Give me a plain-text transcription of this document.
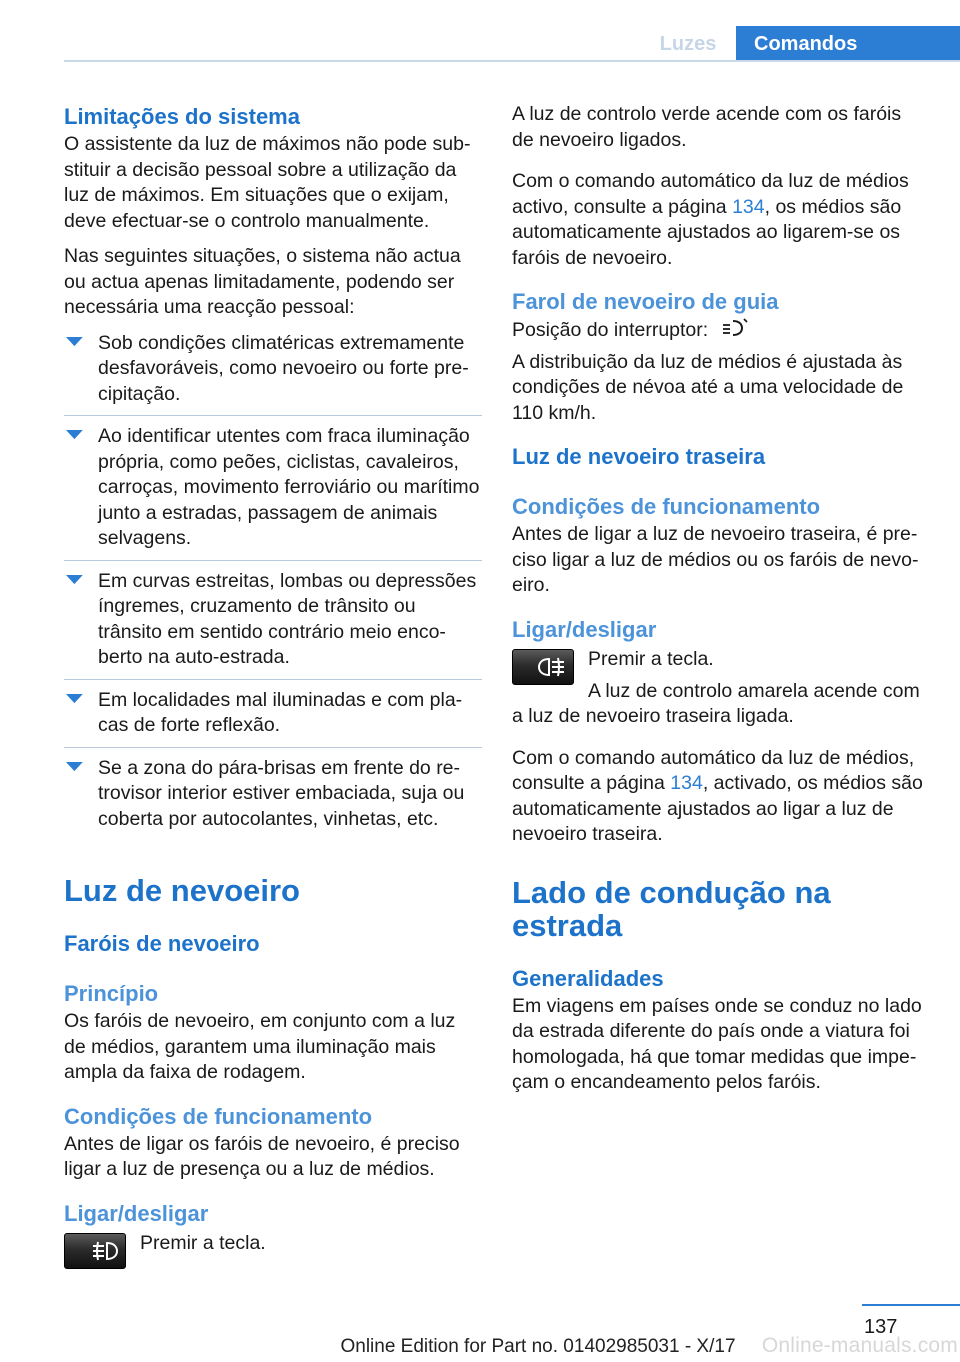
Luzes	Comandos
Limitações do sistema

O assistente da luz de máximos não pode substituir a decisão pessoal sobre a utilização da luz de máximos. Em situações que o exijam, deve efectuar-se o controlo manualmente.

Nas seguintes situações, o sistema não actua ou actua apenas limitadamente, podendo ser necessária uma reacção pessoal:

Sob condições climatéricas extremamente desfavoráveis, como nevoeiro ou forte precipitação.
Ao identificar utentes com fraca iluminação própria, como peões, ciclistas, cavaleiros, carroças, movimento ferroviário ou marítimo junto a estradas, passagem de animais selvagens.
Em curvas estreitas, lombas ou depressões íngremes, cruzamento de trânsito ou trânsito em sentido contrário meio encoberto na auto-estrada.
Em localidades mal iluminadas e com placas de forte reflexão.
Se a zona do pára-brisas em frente do retrovisor interior estiver embaciada, suja ou coberta por autocolantes, vinhetas, etc.
Luz de nevoeiro
Faróis de nevoeiro
Princípio

Os faróis de nevoeiro, em conjunto com a luz de médios, garantem uma iluminação mais ampla da faixa de rodagem.

Condições de funcionamento

Antes de ligar os faróis de nevoeiro, é preciso ligar a luz de presença ou a luz de médios.

Ligar/desligar

Premir a tecla.

A luz de controlo verde acende com os faróis de nevoeiro ligados.

Com o comando automático da luz de médios activo, consulte a página 134, os médios são automaticamente ajustados ao ligarem-se os faróis de nevoeiro.

Farol de nevoeiro de guia

Posição do interruptor:

A distribuição da luz de médios é ajustada às condições de névoa até a uma velocidade de 110 km/h.

Luz de nevoeiro traseira
Condições de funcionamento

Antes de ligar a luz de nevoeiro traseira, é preciso ligar a luz de médios ou os faróis de nevoeiro.

Ligar/desligar

Premir a tecla.

A luz de controlo amarela acende com a luz de nevoeiro traseira ligada.

Com o comando automático da luz de médios, consulte a página 134, activado, os médios são automaticamente ajustados ao ligar a luz de nevoeiro traseira.

Lado de condução na estrada
Generalidades

Em viagens em países onde se conduz no lado da estrada diferente do país onde a viatura foi homologada, há que tomar medidas que impeçam o encandeamento pelos faróis.

137
Online Edition for Part no. 01402985031 - X/17	Online-manuals.com
